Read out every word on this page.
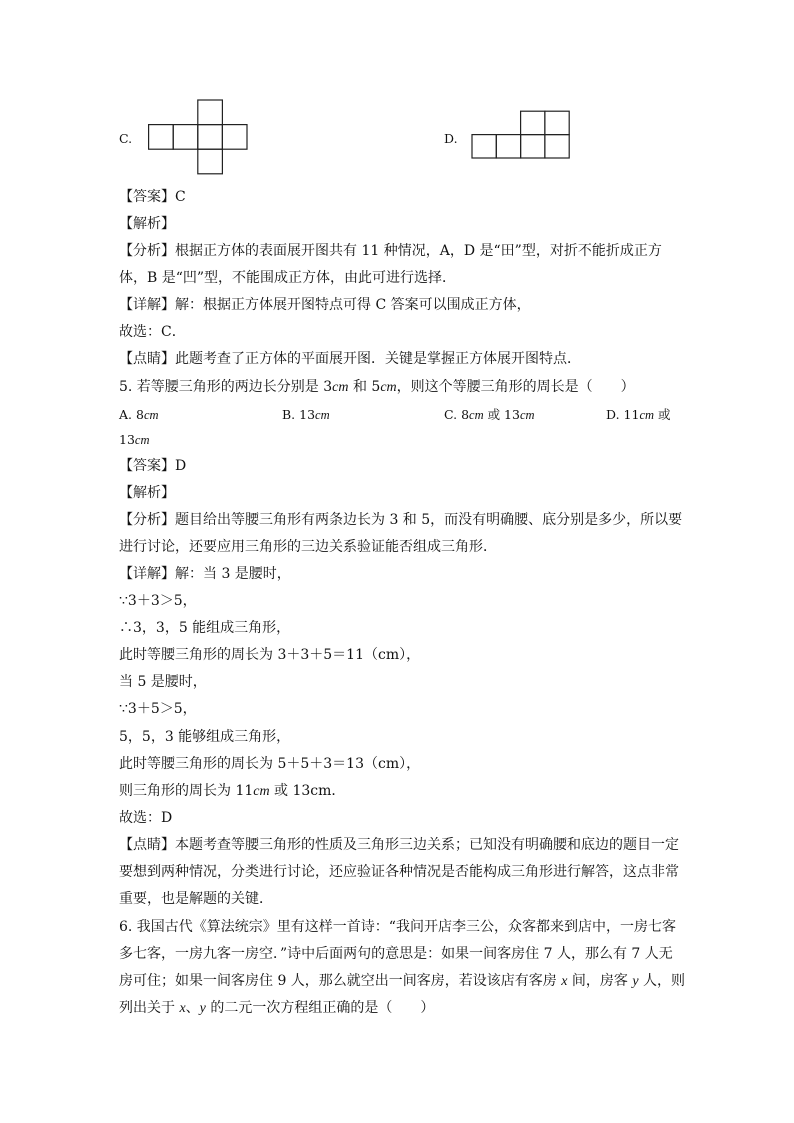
C.	D.
【答案】C
【解析】
【分析】根据正方体的表面展开图共有 11 种情况，A，D 是“田”型，对折不能折成正方
体，B 是“凹”型，不能围成正方体，由此可进行选择．
【详解】解：根据正方体展开图特点可得 C 答案可以围成正方体，
故选：C．
【点睛】此题考查了正方体的平面展开图．关键是掌握正方体展开图特点．
5. 若等腰三角形的两边长分别是 3cm 和 5cm，则这个等腰三角形的周长是（　　）
A. 8cm	B. 13cm	C. 8cm 或 13cm	D. 11cm 或
13cm
【答案】D
【解析】
【分析】题目给出等腰三角形有两条边长为 3 和 5，而没有明确腰、底分别是多少，所以要
进行讨论，还要应用三角形的三边关系验证能否组成三角形．
【详解】解：当 3 是腰时，
∵3＋3＞5，
∴3，3，5 能组成三角形，
此时等腰三角形的周长为 3＋3＋5＝11（cm），
当 5 是腰时，
∵3＋5＞5，
5，5，3 能够组成三角形，
此时等腰三角形的周长为 5＋5＋3＝13（cm），
则三角形的周长为 11cm 或 13cm．
故选：D
【点睛】本题考查等腰三角形的性质及三角形三边关系；已知没有明确腰和底边的题目一定
要想到两种情况，分类进行讨论，还应验证各种情况是否能构成三角形进行解答，这点非常
重要，也是解题的关键．
6. 我国古代《算法统宗》里有这样一首诗：“我问开店李三公，众客都来到店中，一房七客
多七客，一房九客一房空．”诗中后面两句的意思是：如果一间客房住 7 人，那么有 7 人无
房可住；如果一间客房住 9 人，那么就空出一间客房，若设该店有客房 x 间，房客 y 人，则
列出关于 x、y 的二元一次方程组正确的是（　　）
